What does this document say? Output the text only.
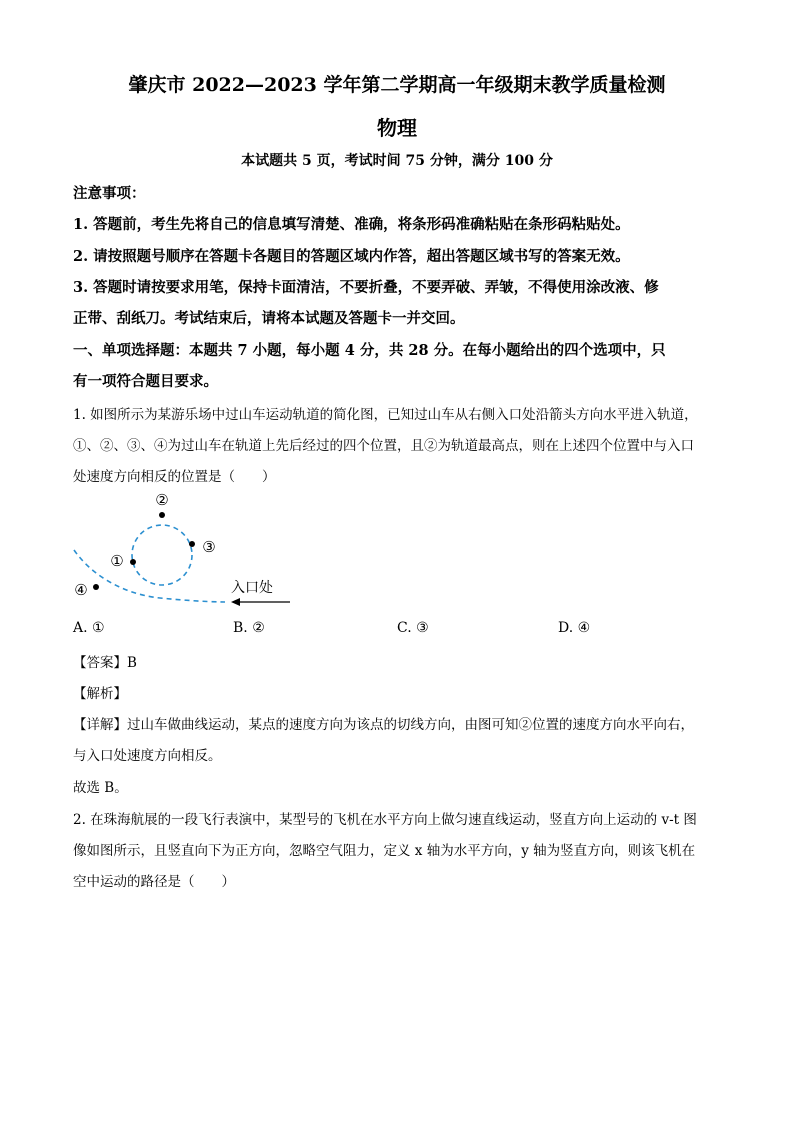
肇庆市 2022—2023 学年第二学期高一年级期末教学质量检测
物理
本试题共 5 页，考试时间 75 分钟，满分 100 分
注意事项：
1. 答题前，考生先将自己的信息填写清楚、准确，将条形码准确粘贴在条形码粘贴处。
2. 请按照题号顺序在答题卡各题目的答题区域内作答，超出答题区域书写的答案无效。
3. 答题时请按要求用笔，保持卡面清洁，不要折叠，不要弄破、弄皱，不得使用涂改液、修
正带、刮纸刀。考试结束后，请将本试题及答题卡一并交回。
一、单项选择题：本题共 7 小题，每小题 4 分，共 28 分。在每小题给出的四个选项中，只
有一项符合题目要求。
1. 如图所示为某游乐场中过山车运动轨道的简化图，已知过山车从右侧入口处沿箭头方向水平进入轨道，
①、②、③、④为过山车在轨道上先后经过的四个位置，且②为轨道最高点，则在上述四个位置中与入口
处速度方向相反的位置是（　　）
①
②
③
④	入口处
A. ①	B. ②	C. ③	D. ④
【答案】B
【解析】
【详解】过山车做曲线运动，某点的速度方向为该点的切线方向，由图可知②位置的速度方向水平向右，
与入口处速度方向相反。
故选 B。
2. 在珠海航展的一段飞行表演中，某型号的飞机在水平方向上做匀速直线运动，竖直方向上运动的 v-t 图
像如图所示，且竖直向下为正方向，忽略空气阻力，定义 x 轴为水平方向，y 轴为竖直方向，则该飞机在
空中运动的路径是（　　）
